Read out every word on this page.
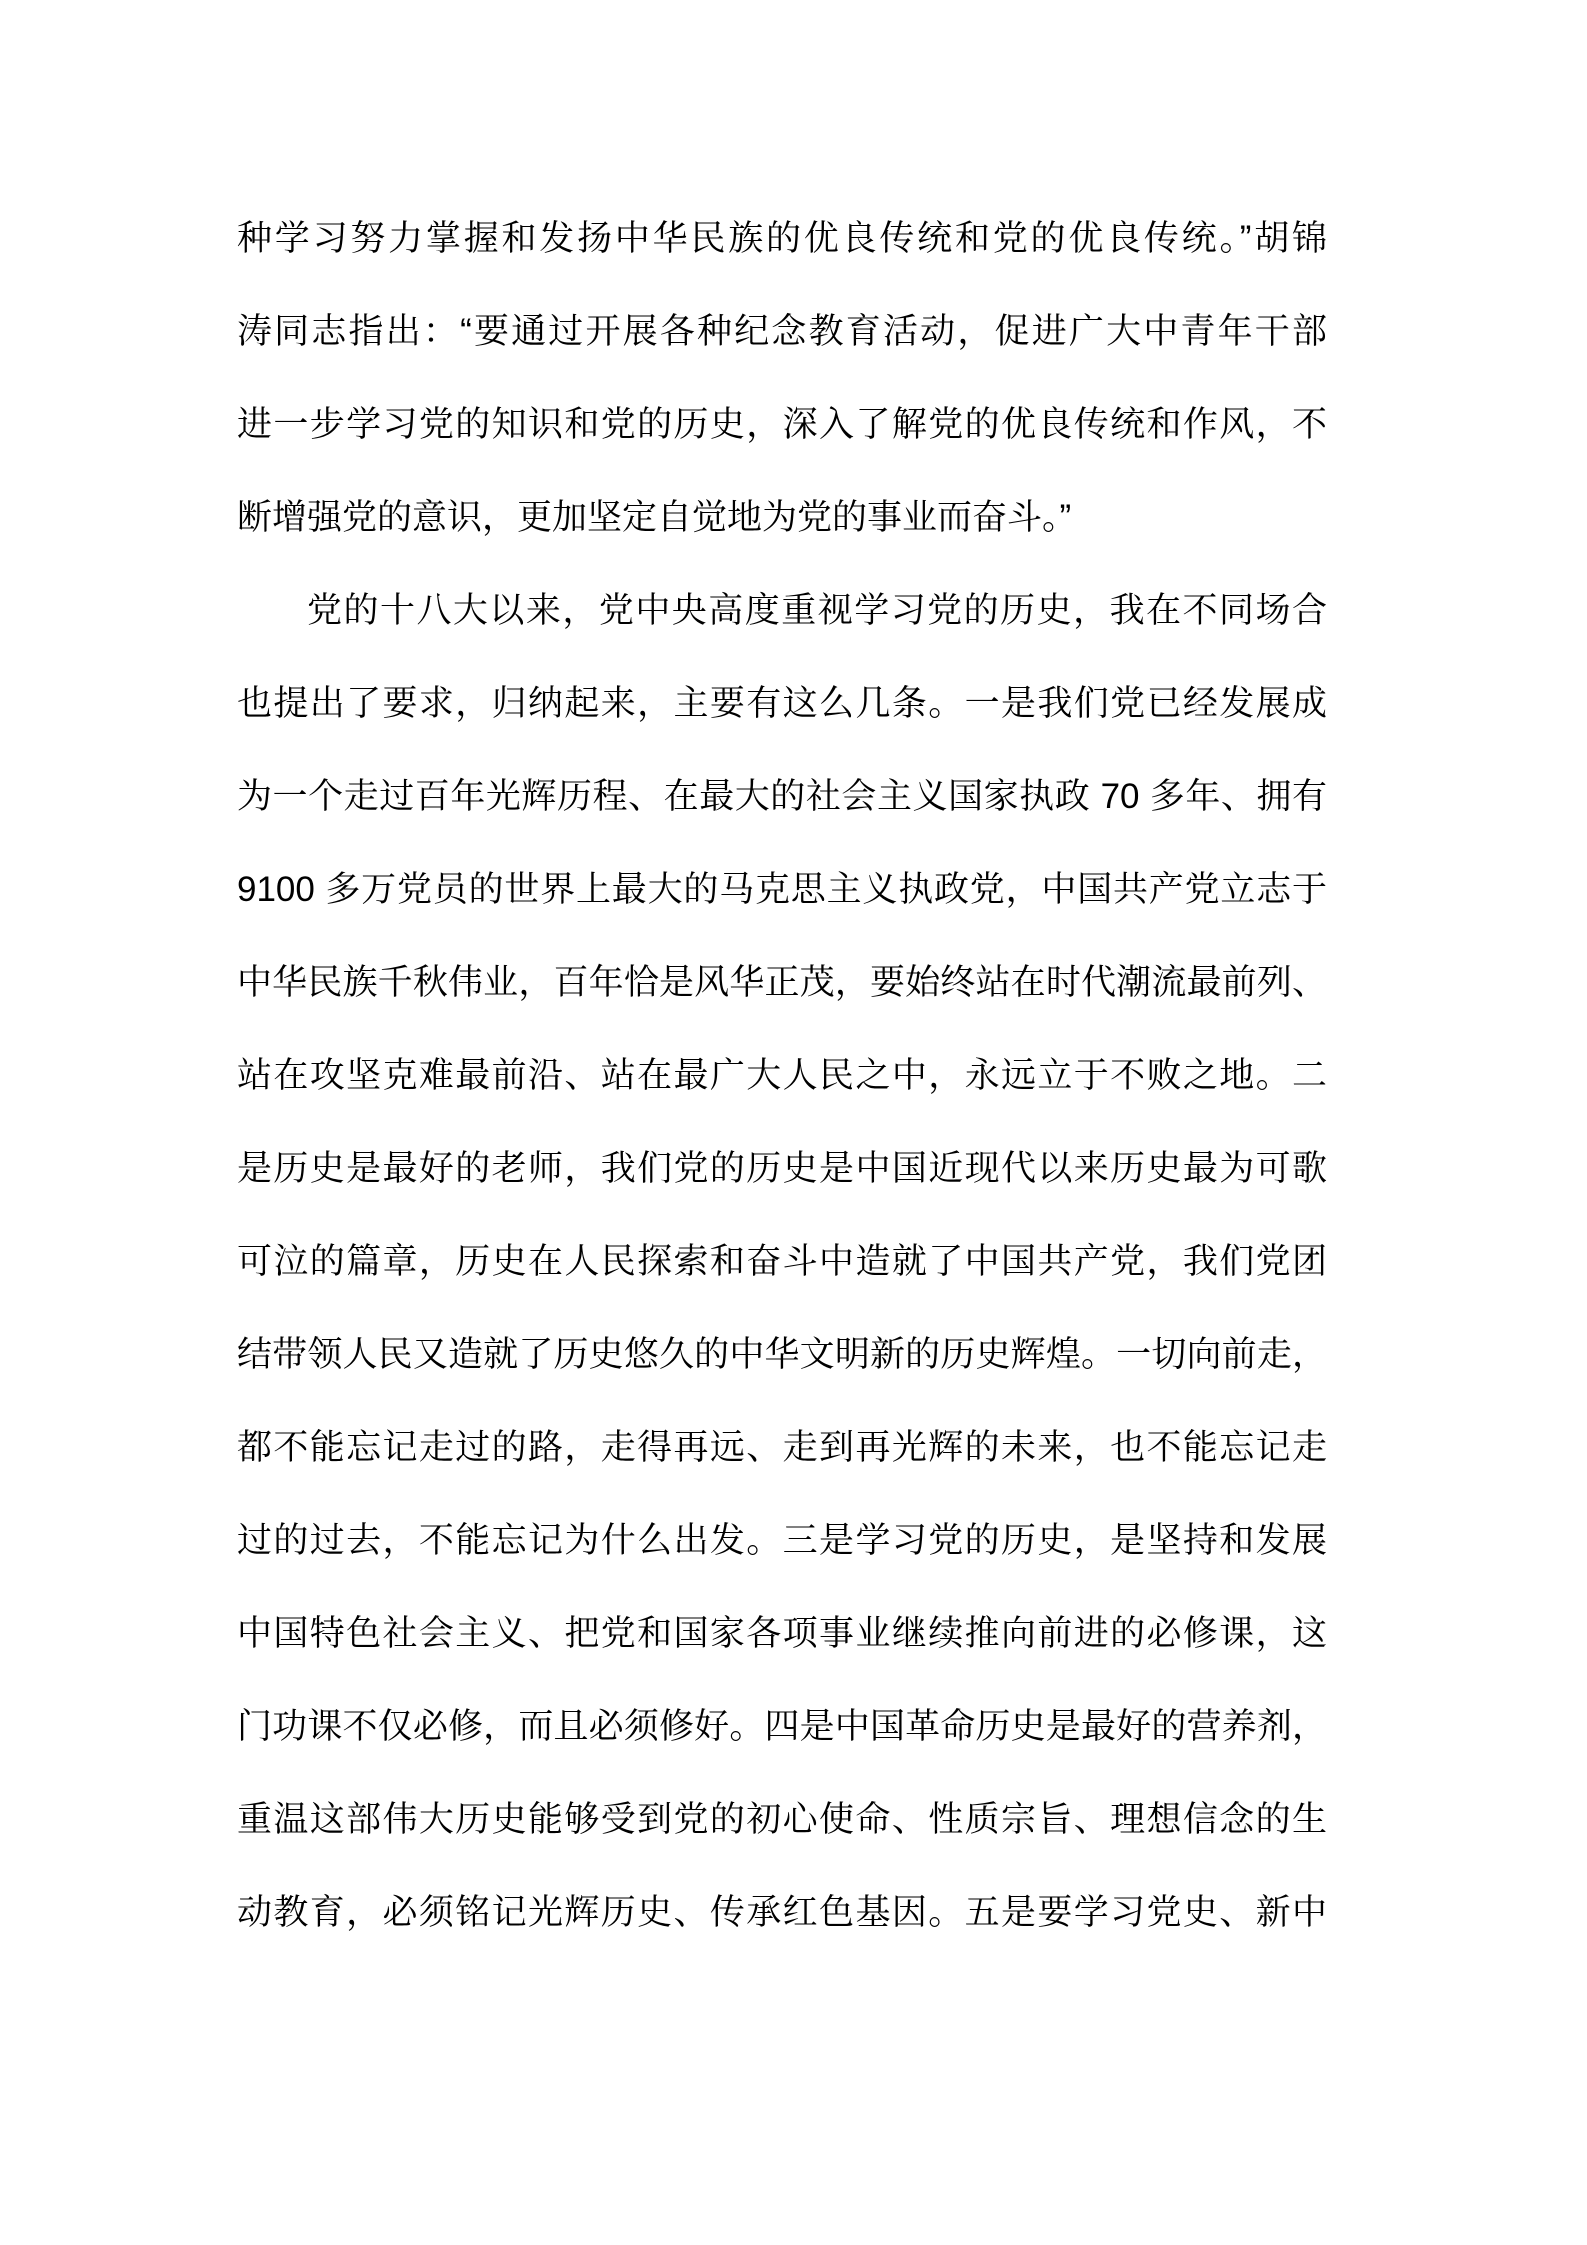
种学习努力掌握和发扬中华民族的优良传统和党的优良传统。”胡锦
涛同志指出：“要通过开展各种纪念教育活动，促进广大中青年干部
进一步学习党的知识和党的历史，深入了解党的优良传统和作风，不
断增强党的意识，更加坚定自觉地为党的事业而奋斗。”
党的十八大以来，党中央高度重视学习党的历史，我在不同场合
也提出了要求，归纳起来，主要有这么几条。一是我们党已经发展成
为一个走过百年光辉历程、在最大的社会主义国家执政 70 多年、拥有
9100 多万党员的世界上最大的马克思主义执政党，中国共产党立志于
中华民族千秋伟业，百年恰是风华正茂，要始终站在时代潮流最前列、
站在攻坚克难最前沿、站在最广大人民之中，永远立于不败之地。二
是历史是最好的老师，我们党的历史是中国近现代以来历史最为可歌
可泣的篇章，历史在人民探索和奋斗中造就了中国共产党，我们党团
结带领人民又造就了历史悠久的中华文明新的历史辉煌。一切向前走，
都不能忘记走过的路，走得再远、走到再光辉的未来，也不能忘记走
过的过去，不能忘记为什么出发。三是学习党的历史，是坚持和发展
中国特色社会主义、把党和国家各项事业继续推向前进的必修课，这
门功课不仅必修，而且必须修好。四是中国革命历史是最好的营养剂，
重温这部伟大历史能够受到党的初心使命、性质宗旨、理想信念的生
动教育，必须铭记光辉历史、传承红色基因。五是要学习党史、新中
